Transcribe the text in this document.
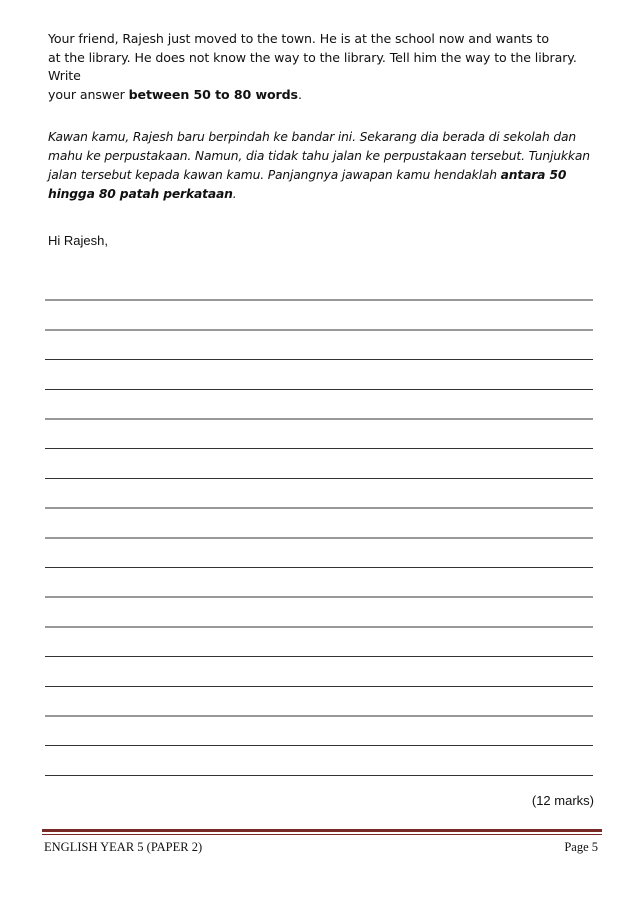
Your friend, Rajesh just moved to the town. He is at the school now and wants to

at the library. He does not know the way to the library. Tell him the way to the library. Write

your answer between 50 to 80 words.

Kawan kamu, Rajesh baru berpindah ke bandar ini. Sekarang dia berada di sekolah dan

mahu ke perpustakaan. Namun, dia tidak tahu jalan ke perpustakaan tersebut. Tunjukkan

jalan tersebut kepada kawan kamu. Panjangnya jawapan kamu hendaklah antara 50

hingga 80 patah perkataan.

Hi Rajesh,
(12 marks)
ENGLISH YEAR 5 (PAPER 2)	Page 5
